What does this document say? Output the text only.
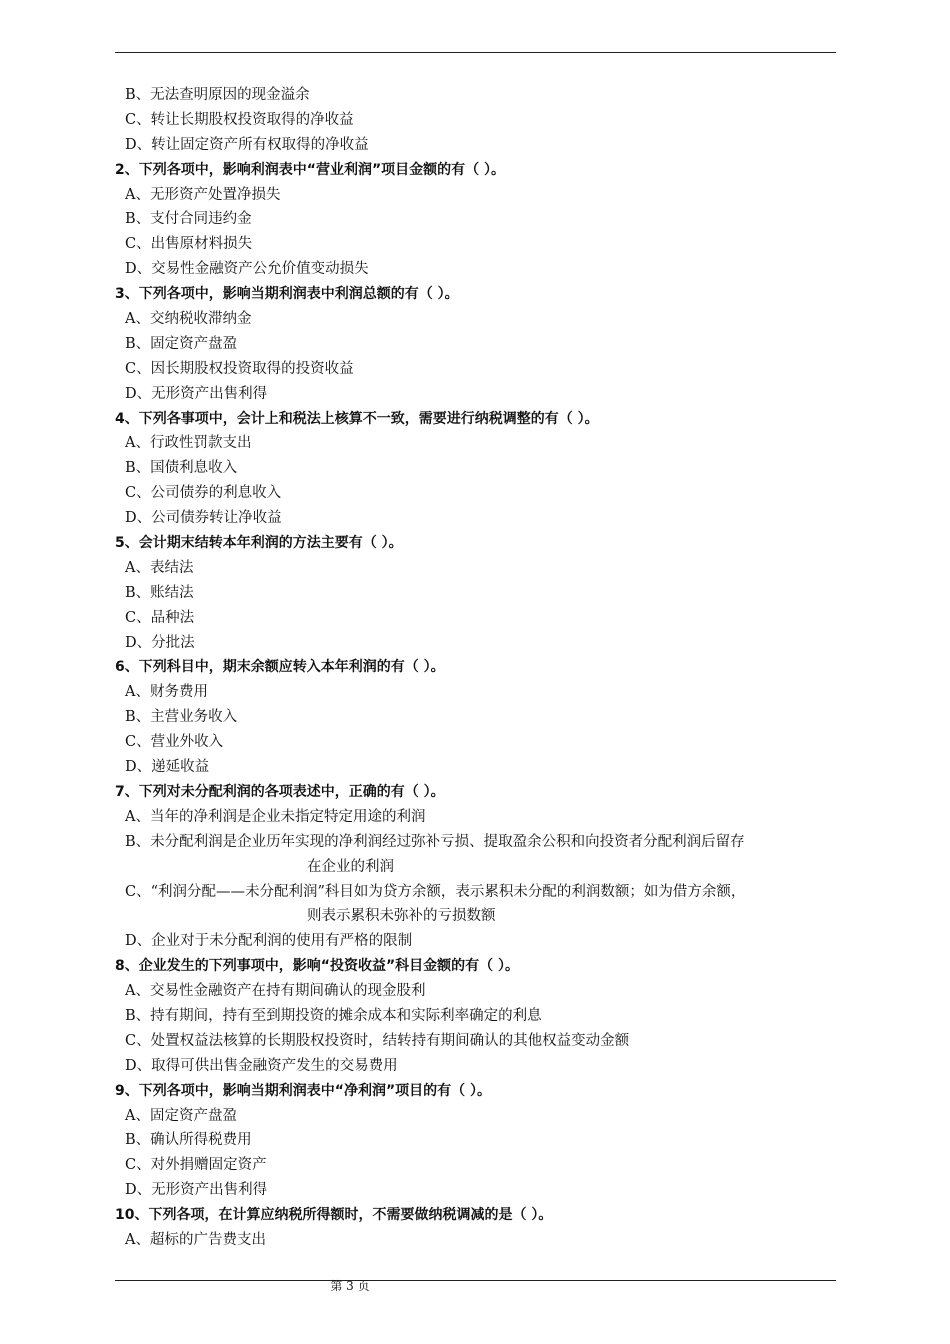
B、无法查明原因的现金溢余
C、转让长期股权投资取得的净收益
D、转让固定资产所有权取得的净收益
2、下列各项中，影响利润表中“营业利润”项目金额的有（ ）。
A、无形资产处置净损失
B、支付合同违约金
C、出售原材料损失
D、交易性金融资产公允价值变动损失
3、下列各项中，影响当期利润表中利润总额的有（ ）。
A、交纳税收滞纳金
B、固定资产盘盈
C、因长期股权投资取得的投资收益
D、无形资产出售利得
4、下列各事项中，会计上和税法上核算不一致，需要进行纳税调整的有（ ）。
A、行政性罚款支出
B、国债利息收入
C、公司债券的利息收入
D、公司债券转让净收益
5、会计期末结转本年利润的方法主要有（ ）。
A、表结法
B、账结法
C、品种法
D、分批法
6、下列科目中，期末余额应转入本年利润的有（ ）。
A、财务费用
B、主营业务收入
C、营业外收入
D、递延收益
7、下列对未分配利润的各项表述中，正确的有（ ）。
A、当年的净利润是企业未指定特定用途的利润
B、未分配利润是企业历年实现的净利润经过弥补亏损、提取盈余公积和向投资者分配利润后留存
在企业的利润
C、“利润分配——未分配利润”科目如为贷方余额，表示累积未分配的利润数额；如为借方余额，
则表示累积未弥补的亏损数额
D、企业对于未分配利润的使用有严格的限制
8、企业发生的下列事项中，影响“投资收益”科目金额的有（ ）。
A、交易性金融资产在持有期间确认的现金股利
B、持有期间，持有至到期投资的摊余成本和实际利率确定的利息
C、处置权益法核算的长期股权投资时，结转持有期间确认的其他权益变动金额
D、取得可供出售金融资产发生的交易费用
9、下列各项中，影响当期利润表中“净利润”项目的有（ ）。
A、固定资产盘盈
B、确认所得税费用
C、对外捐赠固定资产
D、无形资产出售利得
10、下列各项，在计算应纳税所得额时，不需要做纳税调减的是（ ）。
A、超标的广告费支出
第 3 页
